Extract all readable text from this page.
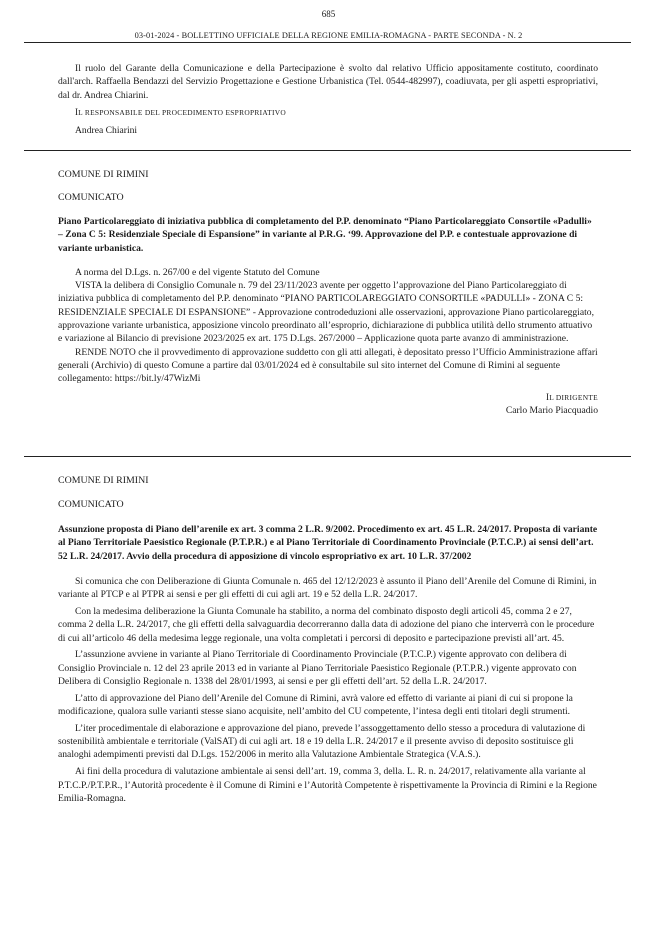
685
03-01-2024 - BOLLETTINO UFFICIALE DELLA REGIONE EMILIA-ROMAGNA - PARTE SECONDA - N. 2

Il ruolo del Garante della Comunicazione e della Partecipazione è svolto dal relativo Ufficio appositamente costituto, coordinato dall'arch. Raffaella Bendazzi del Servizio Progettazione e Gestione Urbanistica (Tel. 0544-482997), coadiuvata, per gli aspetti espropriativi, dal dr. Andrea Chiarini.

IL RESPONSABILE DEL PROCEDIMENTO ESPROPRIATIVO

Andrea Chiarini

COMUNE DI RIMINI

COMUNICATO

Piano Particolareggiato di iniziativa pubblica di completamento del P.P. denominato “Piano Particolareggiato Consortile «Padulli» – Zona C 5: Residenziale Speciale di Espansione” in variante al P.R.G. ‘99. Approvazione del P.P. e contestuale approvazione di variante urbanistica.

A norma del D.Lgs. n. 267/00 e del vigente Statuto del Comune

VISTA la delibera di Consiglio Comunale n. 79 del 23/11/2023 avente per oggetto l’approvazione del Piano Particolareggiato di iniziativa pubblica di completamento del P.P. denominato “PIANO PARTICOLAREGGIATO CONSORTILE «PADULLI» - ZONA C 5: RESIDENZIALE SPECIALE DI ESPANSIONE” - Approvazione controdeduzioni alle osservazioni, approvazione Piano particolareggiato, approvazione variante urbanistica, apposizione vincolo preordinato all’esproprio, dichiarazione di pubblica utilità dello strumento attuativo e variazione al Bilancio di previsione 2023/2025 ex art. 175 D.Lgs. 267/2000 – Applicazione quota parte avanzo di amministrazione.

RENDE NOTO che il provvedimento di approvazione suddetto con gli atti allegati, è depositato presso l’Ufficio Amministrazione affari generali (Archivio) di questo Comune a partire dal 03/01/2024 ed è consultabile sul sito internet del Comune di Rimini al seguente collegamento: https://bit.ly/47WizMi

IL DIRIGENTE

Carlo Mario Piacquadio

COMUNE DI RIMINI

COMUNICATO

Assunzione proposta di Piano dell’arenile ex art. 3 comma 2 L.R. 9/2002. Procedimento ex art. 45 L.R. 24/2017. Proposta di variante al Piano Territoriale Paesistico Regionale (P.T.P.R.) e al Piano Territoriale di Coordinamento Provinciale (P.T.C.P.) ai sensi dell’art. 52 L.R. 24/2017. Avvio della procedura di apposizione di vincolo espropriativo ex art. 10 L.R. 37/2002

Si comunica che con Deliberazione di Giunta Comunale n. 465 del 12/12/2023 è assunto il Piano dell’Arenile del Comune di Rimini, in variante al PTCP e al PTPR ai sensi e per gli effetti di cui agli art. 19 e 52 della L.R. 24/2017.

Con la medesima deliberazione la Giunta Comunale ha stabilito, a norma del combinato disposto degli articoli 45, comma 2 e 27, comma 2 della L.R. 24/2017, che gli effetti della salvaguardia decorreranno dalla data di adozione del piano che interverrà con le procedure di cui all’articolo 46 della medesima legge regionale, una volta completati i percorsi di deposito e partecipazione previsti all’art. 45.

L’assunzione avviene in variante al Piano Territoriale di Coordinamento Provinciale (P.T.C.P.) vigente approvato con delibera di Consiglio Provinciale n. 12 del 23 aprile 2013 ed in variante al Piano Territoriale Paesistico Regionale (P.T.P.R.) vigente approvato con Delibera di Consiglio Regionale n. 1338 del 28/01/1993, ai sensi e per gli effetti dell’art. 52 della L.R. 24/2017.

L’atto di approvazione del Piano dell’Arenile del Comune di Rimini, avrà valore ed effetto di variante ai piani di cui si propone la modificazione, qualora sulle varianti stesse siano acquisite, nell’ambito del CU competente, l’intesa degli enti titolari degli strumenti.

L’iter procedimentale di elaborazione e approvazione del piano, prevede l’assoggettamento dello stesso a procedura di valutazione di sostenibilità ambientale e territoriale (ValSAT) di cui agli art. 18 e 19 della L.R. 24/2017 e il presente avviso di deposito sostituisce gli analoghi adempimenti previsti dal D.Lgs. 152/2006 in merito alla Valutazione Ambientale Strategica (V.A.S.).

Ai fini della procedura di valutazione ambientale ai sensi dell’art. 19, comma 3, della. L. R. n. 24/2017, relativamente alla variante al P.T.C.P./P.T.P.R., l’Autorità procedente è il Comune di Rimini e l’Autorità Competente è rispettivamente la Provincia di Rimini e la Regione Emilia-Romagna.
